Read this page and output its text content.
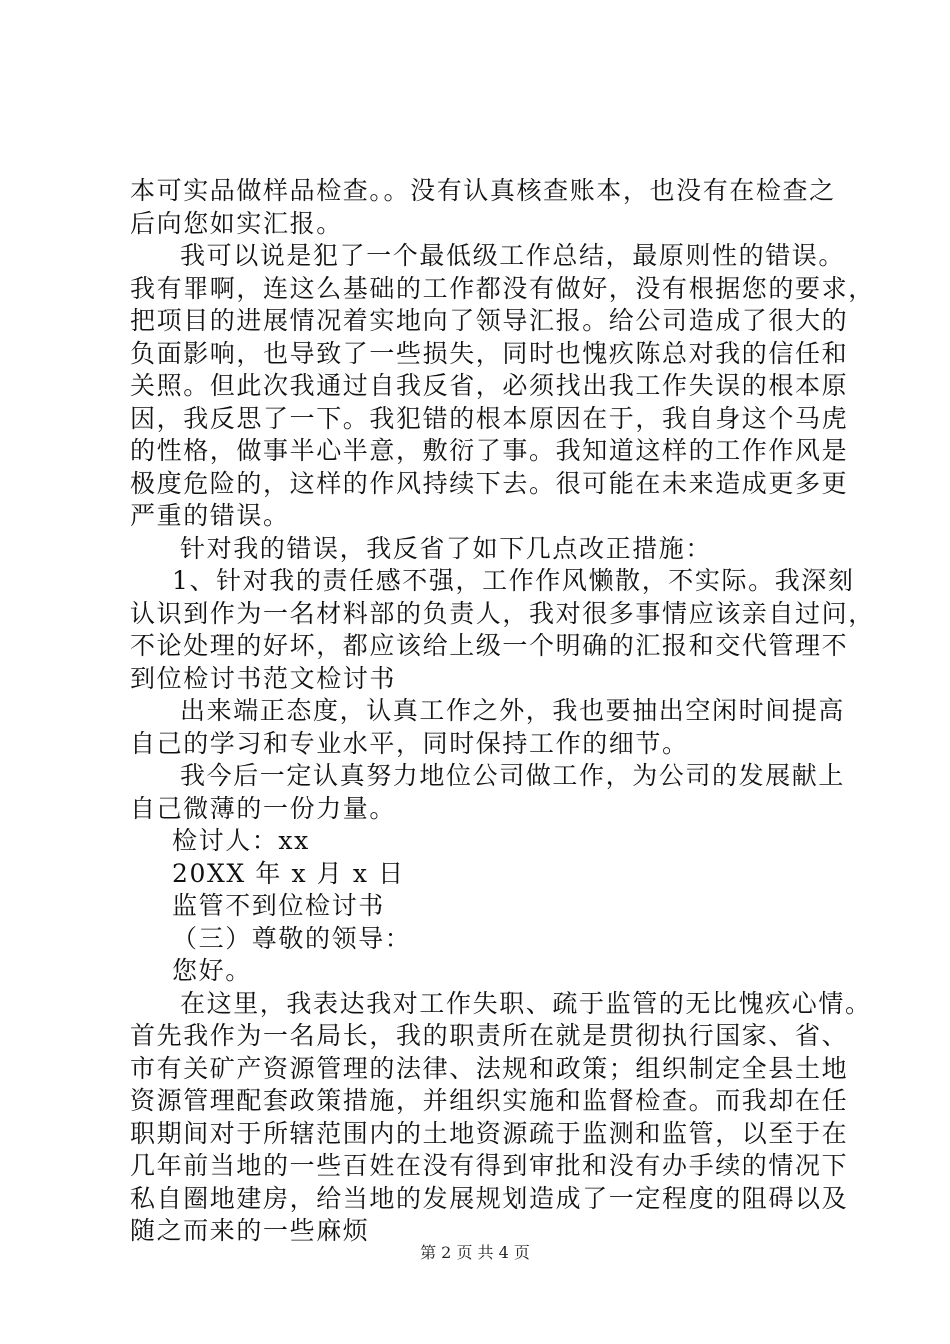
本可实品做样品检查。。没有认真核查账本，也没有在检查之
后向您如实汇报。
我可以说是犯了一个最低级工作总结，最原则性的错误。
我有罪啊，连这么基础的工作都没有做好，没有根据您的要求，
把项目的进展情况着实地向了领导汇报。给公司造成了很大的
负面影响，也导致了一些损失，同时也愧疚陈总对我的信任和
关照。但此次我通过自我反省，必须找出我工作失误的根本原
因，我反思了一下。我犯错的根本原因在于，我自身这个马虎
的性格，做事半心半意，敷衍了事。我知道这样的工作作风是
极度危险的，这样的作风持续下去。很可能在未来造成更多更
严重的错误。
针对我的错误，我反省了如下几点改正措施：
1、针对我的责任感不强，工作作风懒散，不实际。我深刻
认识到作为一名材料部的负责人，我对很多事情应该亲自过问，
不论处理的好坏，都应该给上级一个明确的汇报和交代管理不
到位检讨书范文检讨书
出来端正态度，认真工作之外，我也要抽出空闲时间提高
自己的学习和专业水平，同时保持工作的细节。
我今后一定认真努力地位公司做工作，为公司的发展献上
自己微薄的一份力量。
检讨人：xx
20XX 年 x 月 x 日
监管不到位检讨书
（三）尊敬的领导：
您好。
在这里，我表达我对工作失职、疏于监管的无比愧疚心情。
首先我作为一名局长，我的职责所在就是贯彻执行国家、省、
市有关矿产资源管理的法律、法规和政策；组织制定全县土地
资源管理配套政策措施，并组织实施和监督检查。而我却在任
职期间对于所辖范围内的土地资源疏于监测和监管，以至于在
几年前当地的一些百姓在没有得到审批和没有办手续的情况下
私自圈地建房，给当地的发展规划造成了一定程度的阻碍以及
随之而来的一些麻烦
第 2 页 共 4 页
